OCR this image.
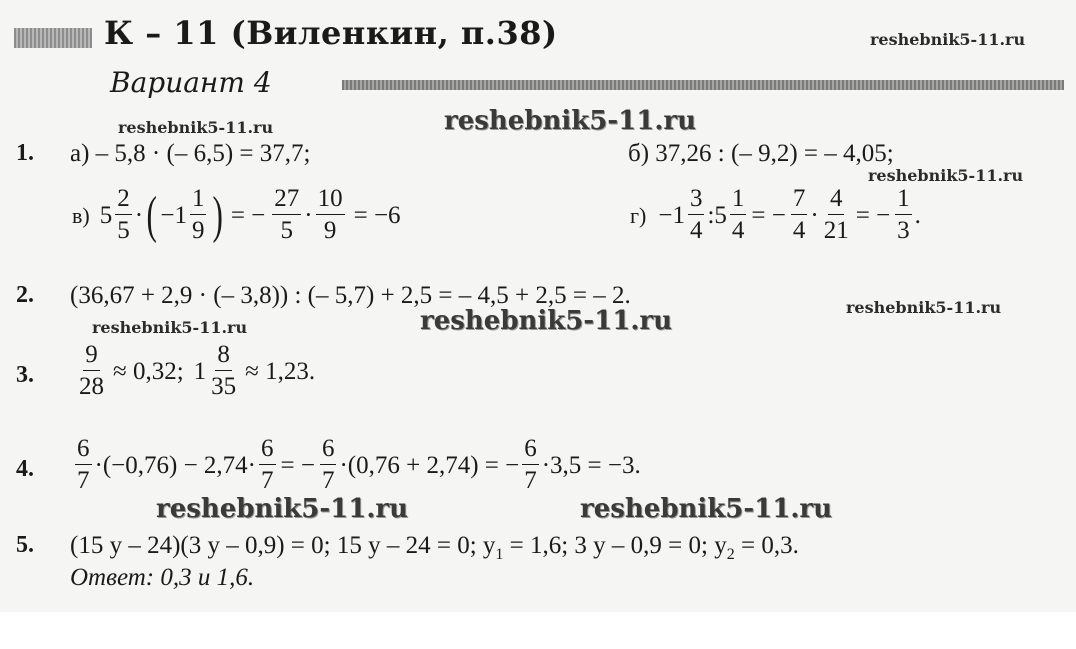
К – 11 (Виленкин, п.38)	reshebnik5-11.ru
Вариант 4
reshebnik5-11.ru	reshebnik5-11.ru
reshebnik5-11.ru
reshebnik5-11.ru
reshebnik5-11.ru	reshebnik5-11.ru
reshebnik5-11.ru	reshebnik5-11.ru
1. а) – 5,8 · (– 6,5) = 37,7;	б) 37,26 : (– 9,2) = – 4,05;
в) $5 \frac{2}{5}$ · ( $-1 \frac{1}{9}$ ) = − $\frac{27}{5} \cdot \frac{10}{9} = -6$	$г) -1 \frac{3}{4}$ :5 $\frac{1}{4}$ = − $\frac{7}{4} \cdot \frac{4}{21}$ = − $\frac{1}{3}$ .
2. (36,67 + 2,9 · (– 3,8)) : (– 5,7) + 2,5 = – 4,5 + 2,5 = – 2.
3. $\frac{9}{28} \approx 0,32$; $1 \frac{8}{35} \approx 1,23$.
4. $\frac{6}{7} \cdot(-0,76) - 2,74\cdot \frac{6}{7}$ = − $\frac{6}{7} \cdot(0,76 + 2,74)$ = − $\frac{6}{7} \cdot 3,5 = -3$.
5. (15 y – 24)(3 y – 0,9) = 0; 15 y – 24 = 0; $y_1 = 1,6$; 3 y – 0,9 = 0; $y_2 = 0,3$.
Ответ: 0,3 и 1,6.
